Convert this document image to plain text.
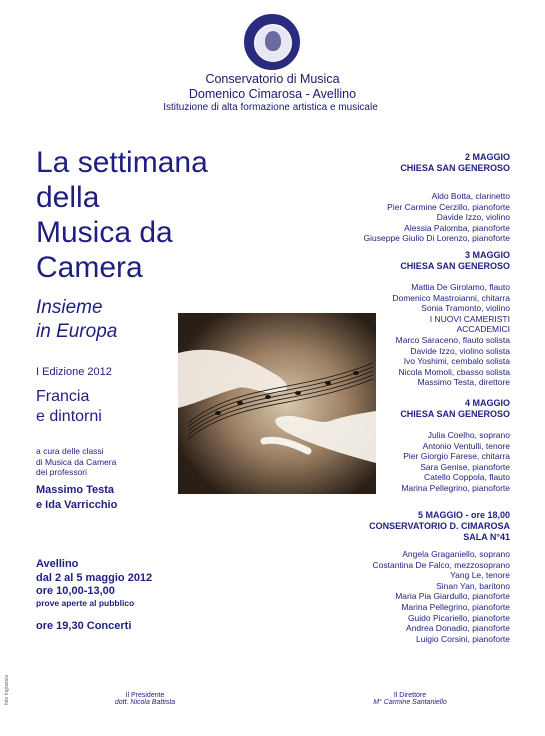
Conservatorio di Musica
Domenico Cimarosa - Avellino
Istituzione di alta formazione artistica e musicale
La settimana
della
Musica da
Camera
Insieme
in Europa
I Edizione 2012
Francia
e dintorni
a cura delle classi
di Musica da Camera
dei professori
Massimo Testa
e Ida Varricchio
Avellino
dal 2 al 5 maggio 2012
ore 10,00-13,00
prove aperte al pubblico
ore 19,30 Concerti
2 MAGGIO
CHIESA SAN GENEROSO
Aldo Botta, clarinetto
Pier Carmine Cerzillo, pianoforte
Davide Izzo, violino
Alessia Palomba, pianoforte
Giuseppe Giulio Di Lorenzo, pianoforte
3 MAGGIO
CHIESA SAN GENEROSO
Mattia De Girolamo, flauto
Domenico Mastroianni, chitarra
Sonia Tramonto, violino
I NUOVI CAMERISTI
ACCADEMICI
Marco Saraceno, flauto solista
Davide Izzo, violino solista
Ivo Yoshimi, cembalo solista
Nicola Momoli, cbasso solista
Massimo Testa, direttore
4 MAGGIO
CHIESA SAN GENEROSO
Julia Coelho, soprano
Antonio Ventulli, tenore
Pier Giorgio Farese, chitarra
Sara Genise, pianoforte
Catello Coppola, flauto
Marina Pellegrino, pianoforte
5 MAGGIO - ore 18,00
CONSERVATORIO D. CIMAROSA
SALA N°41
Angela Graganiello, soprano
Costantina De Falco, mezzosoprano
Yang Le, tenore
Sinan Yan, baritono
Maria Pia Giardullo, pianoforte
Marina Pellegrino, pianoforte
Guido Picariello, pianoforte
Andrea Donadio, pianoforte
Luigio Corsini, pianoforte
foto Ingrassia	Il Presidente
dott. Nicola Battista
Il Direttore
M° Carmine Santaniello
